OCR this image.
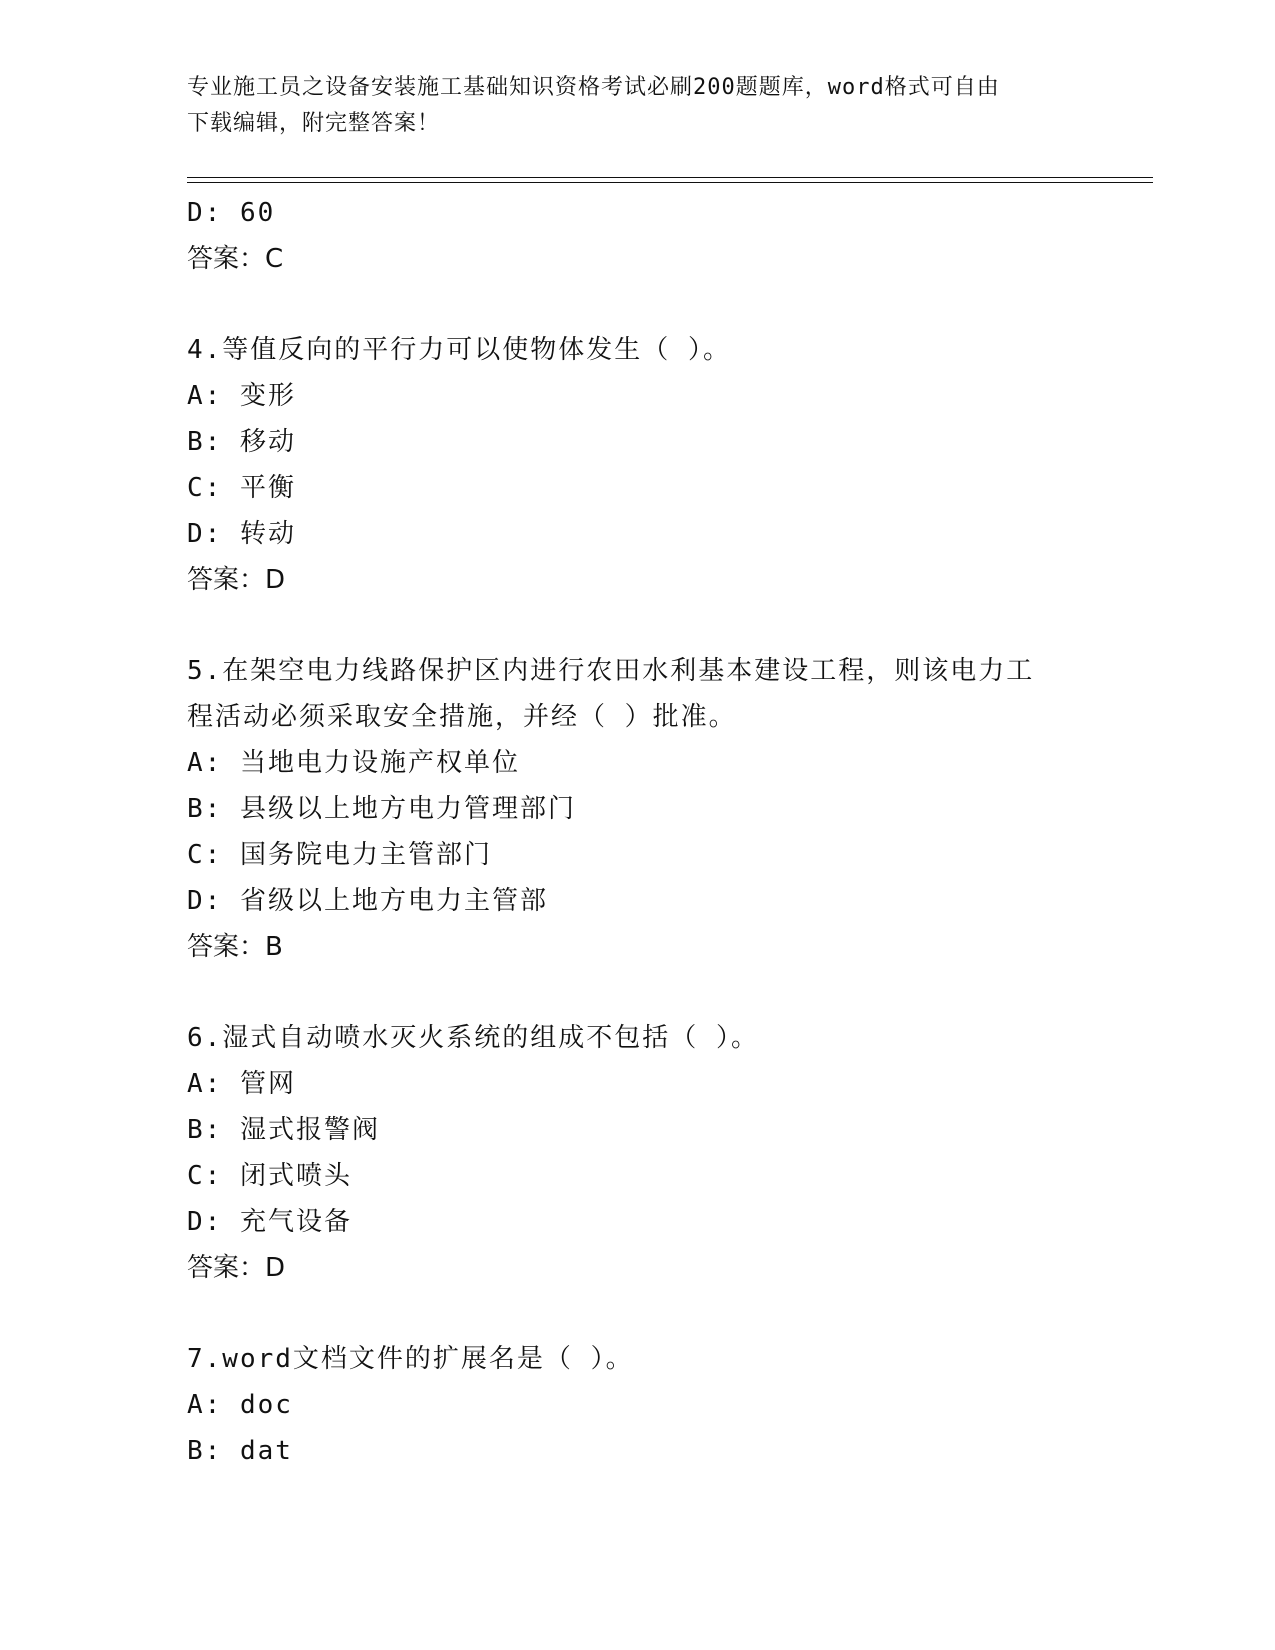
专业施工员之设备安装施工基础知识资格考试必刷200题题库，word格式可自由
下载编辑，附完整答案！
D: 60
答案：C
4.等值反向的平行力可以使物体发生（ ）。
A: 变形
B: 移动
C: 平衡
D: 转动
答案：D
5.在架空电力线路保护区内进行农田水利基本建设工程，则该电力工
程活动必须采取安全措施，并经（ ）批准。
A: 当地电力设施产权单位
B: 县级以上地方电力管理部门
C: 国务院电力主管部门
D: 省级以上地方电力主管部
答案：B
6.湿式自动喷水灭火系统的组成不包括（ ）。
A: 管网
B: 湿式报警阀
C: 闭式喷头
D: 充气设备
答案：D
7.word文档文件的扩展名是（ ）。
A: doc
B: dat
